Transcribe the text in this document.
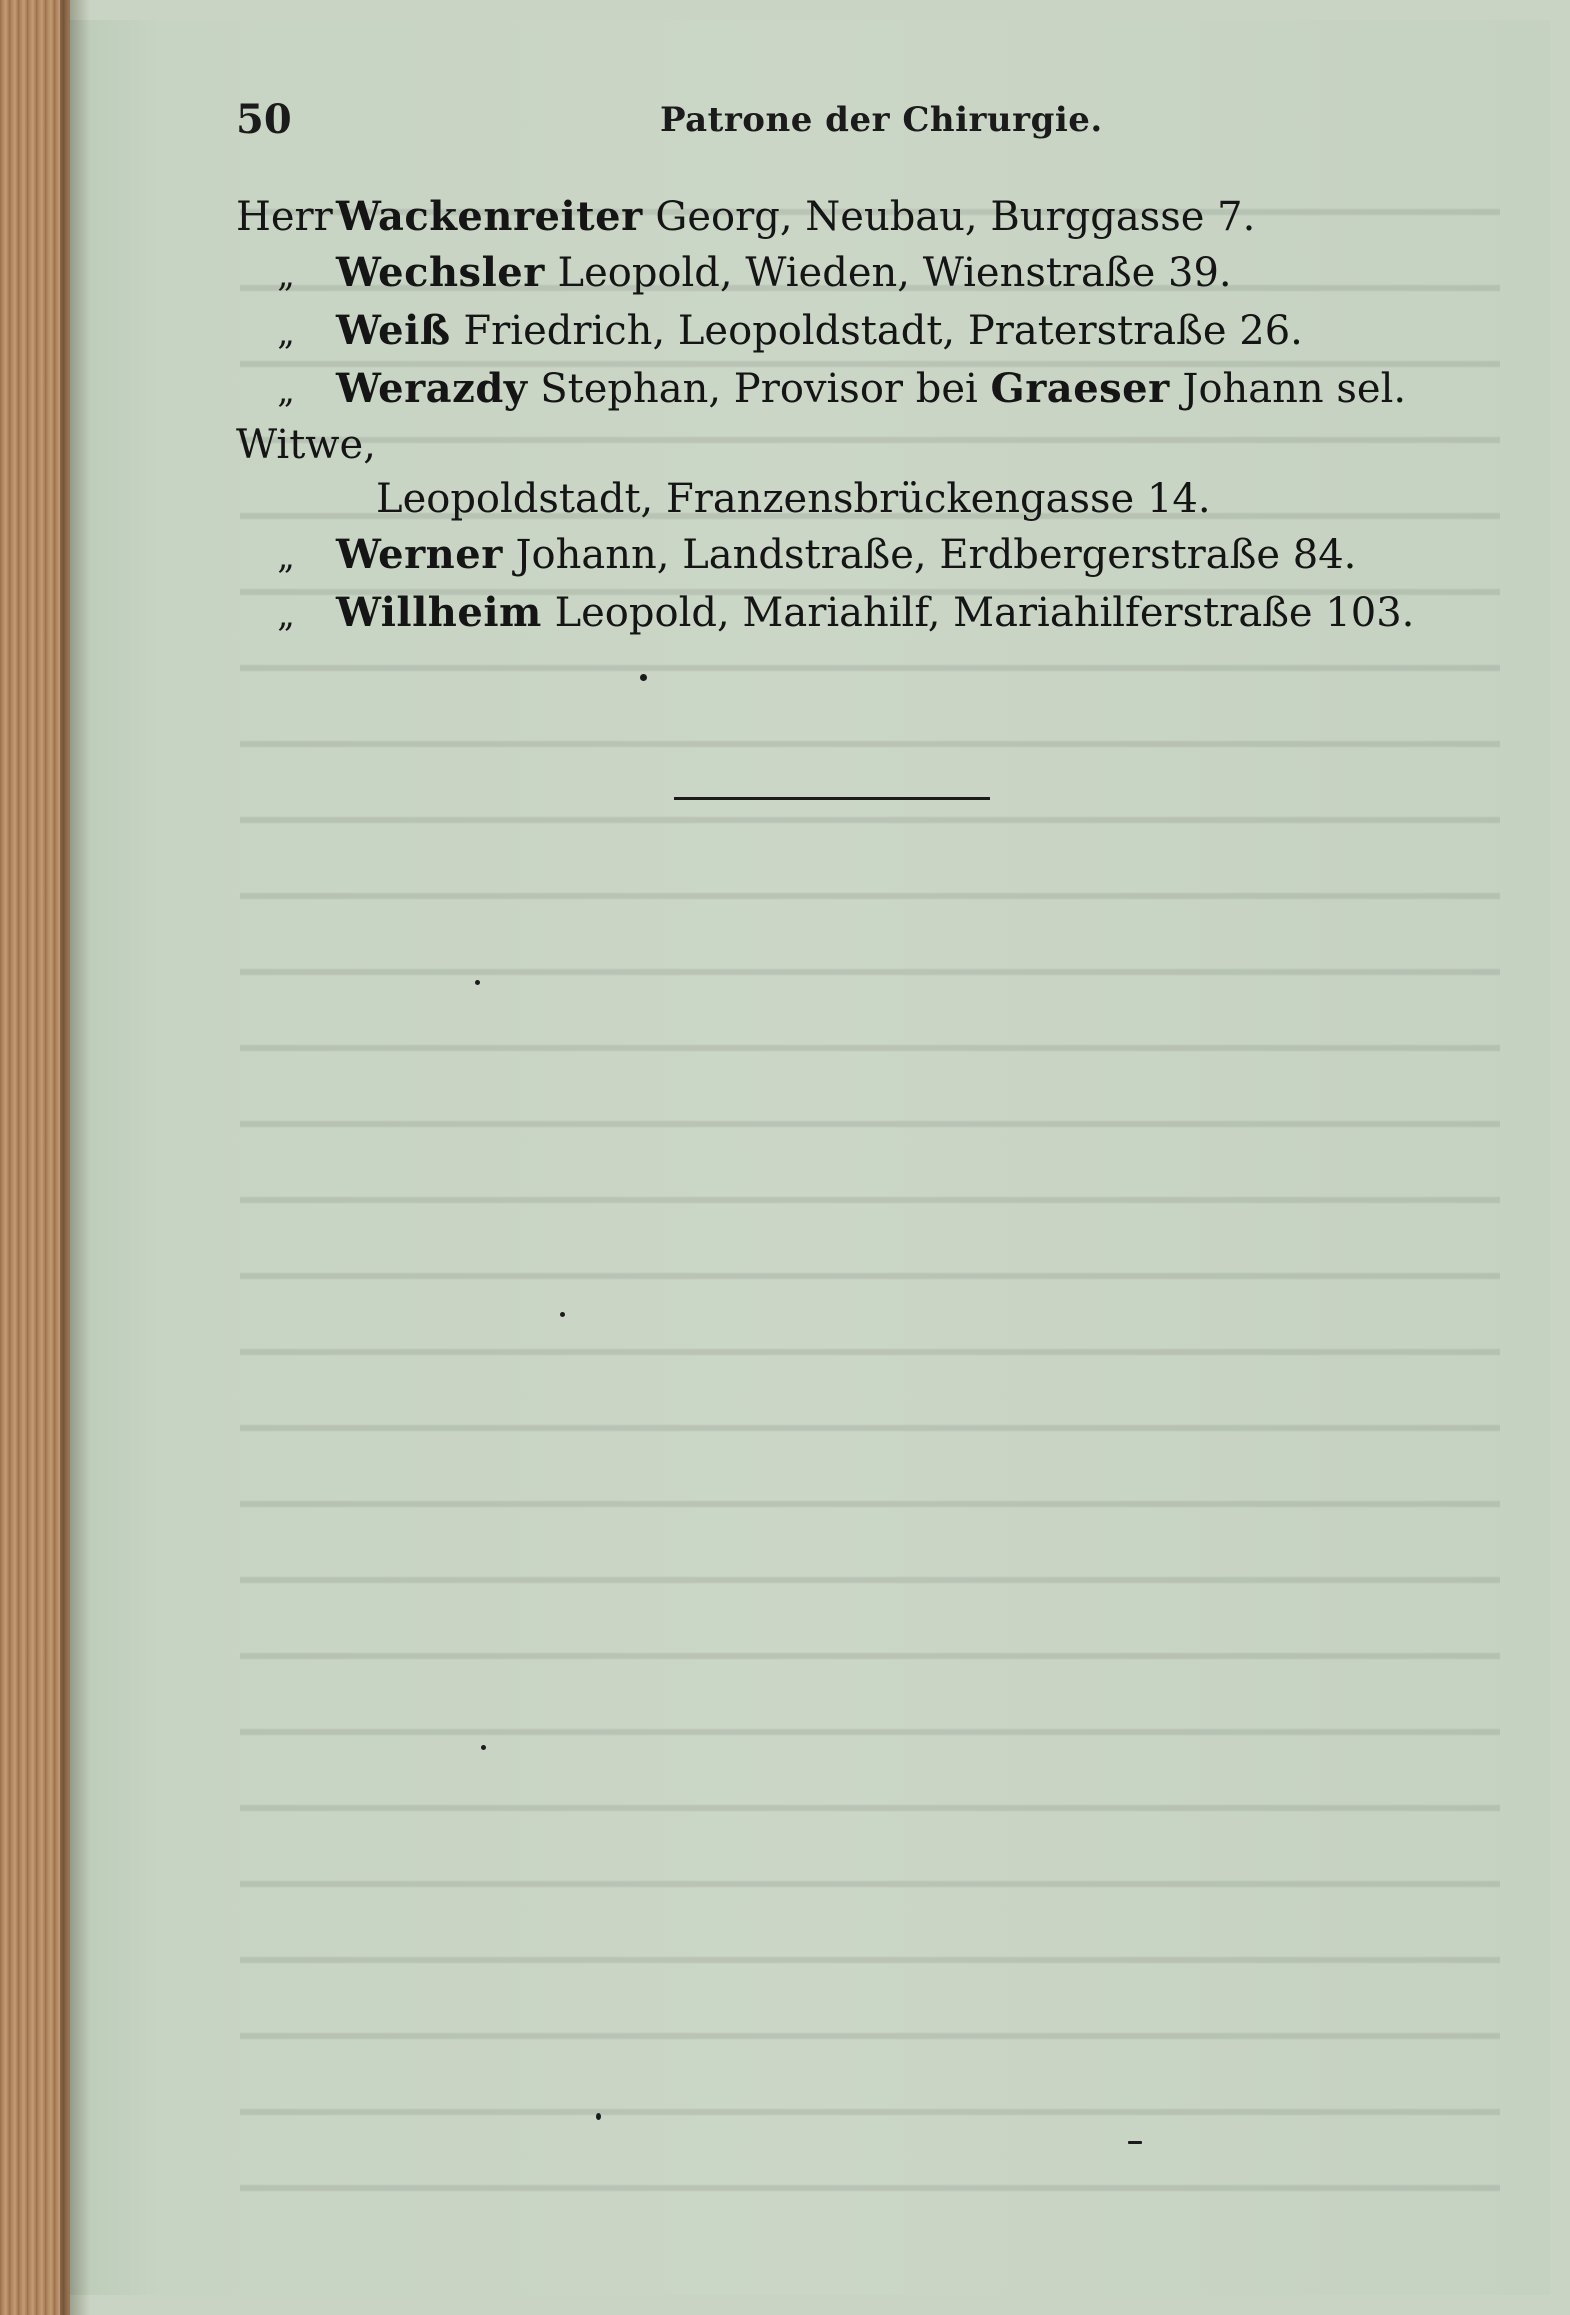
50	Patrone der Chirurgie.

HerrWackenreiter Georg, Neubau, Burggasse 7.

„ Wechsler Leopold, Wieden, Wienstraße 39.

„ Weiß Friedrich, Leopoldstadt, Praterstraße 26.

„ Werazdy Stephan, Provisor bei Graeser Johann sel. Witwe,
Leopoldstadt, Franzensbrückengasse 14.

„ Werner Johann, Landstraße, Erdbergerstraße 84.

„ Willheim Leopold, Mariahilf, Mariahilferstraße 103.
